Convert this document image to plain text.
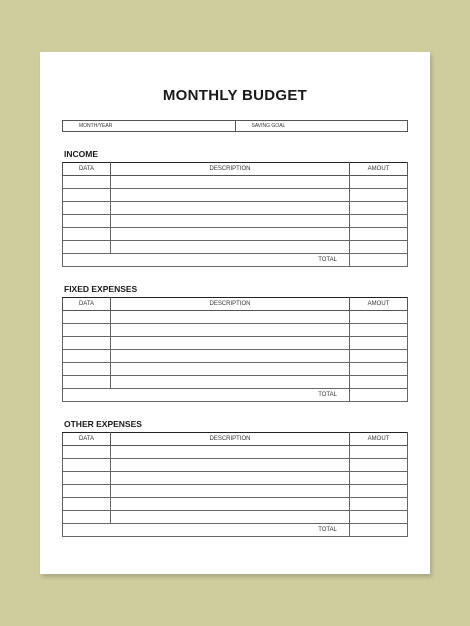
MONTHLY BUDGET
MONTH/YEAR	SAVING GOAL
INCOME
DATA	DESCRIPTION	AMOUT

TOTAL		
FIXED EXPENSES
DATA	DESCRIPTION	AMOUT

TOTAL		
OTHER EXPENSES
DATA	DESCRIPTION	AMOUT

TOTAL		
